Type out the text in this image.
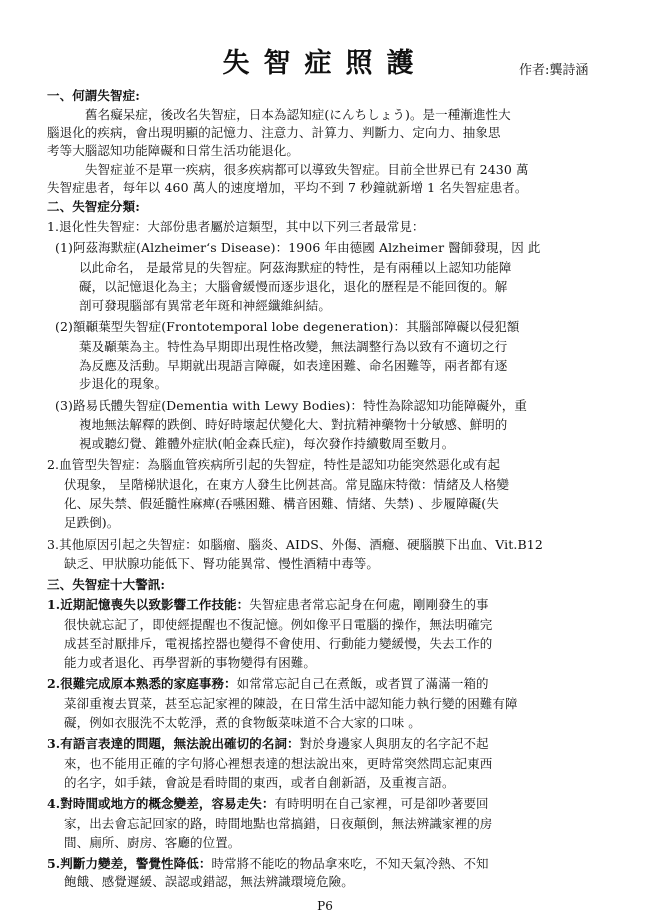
失智症照護	作者:龔詩涵
一、何謂失智症:
舊名癡呆症，後改名失智症，日本為認知症(にんちしょう)。是一種漸進性大
腦退化的疾病，會出現明顯的記憶力、注意力、計算力、判斷力、定向力、抽象思
考等大腦認知功能障礙和日常生活功能退化。
失智症並不是單一疾病，很多疾病都可以導致失智症。目前全世界已有 2430 萬
失智症患者，每年以 460 萬人的速度增加，平均不到 7 秒鐘就新增 1 名失智症患者。
二、失智症分類:
1.退化性失智症：大部份患者屬於這類型，其中以下列三者最常見：
(1)阿茲海默症(Alzheimer‘s Disease)：1906 年由德國 Alzheimer 醫師發現，因 此
以此命名， 是最常見的失智症。阿茲海默症的特性，是有兩種以上認知功能障
礙，以記憶退化為主；大腦會緩慢而逐步退化，退化的歷程是不能回復的。解
剖可發現腦部有異常老年斑和神經纖維糾結。
(2)額顳葉型失智症(Frontotemporal lobe degeneration)：其腦部障礙以侵犯額
葉及顳葉為主。特性為早期即出現性格改變，無法調整行為以致有不適切之行
為反應及活動。早期就出現語言障礙，如表達困難、命名困難等，兩者都有逐
步退化的現象。
(3)路易氏體失智症(Dementia with Lewy Bodies)：特性為除認知功能障礙外，重
複地無法解釋的跌倒、時好時壞起伏變化大、對抗精神藥物十分敏感、鮮明的
視或聽幻覺、錐體外症狀(帕金森氏症)，每次發作持續數周至數月。
2.血管型失智症：為腦血管疾病所引起的失智症，特性是認知功能突然惡化或有起
伏現象， 呈階梯狀退化，在東方人發生比例甚高。常見臨床特徵：情緒及人格變
化、尿失禁、假延髓性麻痺(吞嚥困難、構音困難、情緒、失禁) 、步履障礙(失
足跌倒)。
3.其他原因引起之失智症：如腦瘤、腦炎、AIDS、外傷、酒癮、硬腦膜下出血、Vit.B12
缺乏、甲狀腺功能低下、腎功能異常、慢性酒精中毒等。
三、失智症十大警訊:
1.近期記憶喪失以致影響工作技能：失智症患者常忘記身在何處，剛剛發生的事
很快就忘記了，即使經提醒也不復記憶。例如像平日電腦的操作，無法明確完
成甚至討厭排斥，電視搖控器也變得不會使用、行動能力變緩慢，失去工作的
能力或者退化、再學習新的事物變得有困難。
2.很難完成原本熟悉的家庭事務：如常常忘記自己在煮飯，或者買了滿滿一箱的
菜卻重複去買菜，甚至忘記家裡的陳設，在日常生活中認知能力執行變的困難有障
礙，例如衣服洗不太乾淨，煮的食物飯菜味道不合大家的口味 。
3.有語言表達的問題，無法說出確切的名詞：對於身邊家人與朋友的名字記不起
來，也不能用正確的字句將心裡想表達的想法說出來，更時常突然問忘記東西
的名字，如手錶，會說是看時間的東西，或者自創新語，及重複言語。
4.對時間或地方的概念變差，容易走失：有時明明在自己家裡，可是卻吵著要回
家，出去會忘記回家的路，時間地點也常搞錯，日夜顛倒，無法辨識家裡的房
間、廁所、廚房、客廳的位置。
5.判斷力變差，警覺性降低：時常將不能吃的物品拿來吃，不知天氣冷熱、不知
飽餓、感覺遲緩、誤認或錯認，無法辨識環境危險。
P6
